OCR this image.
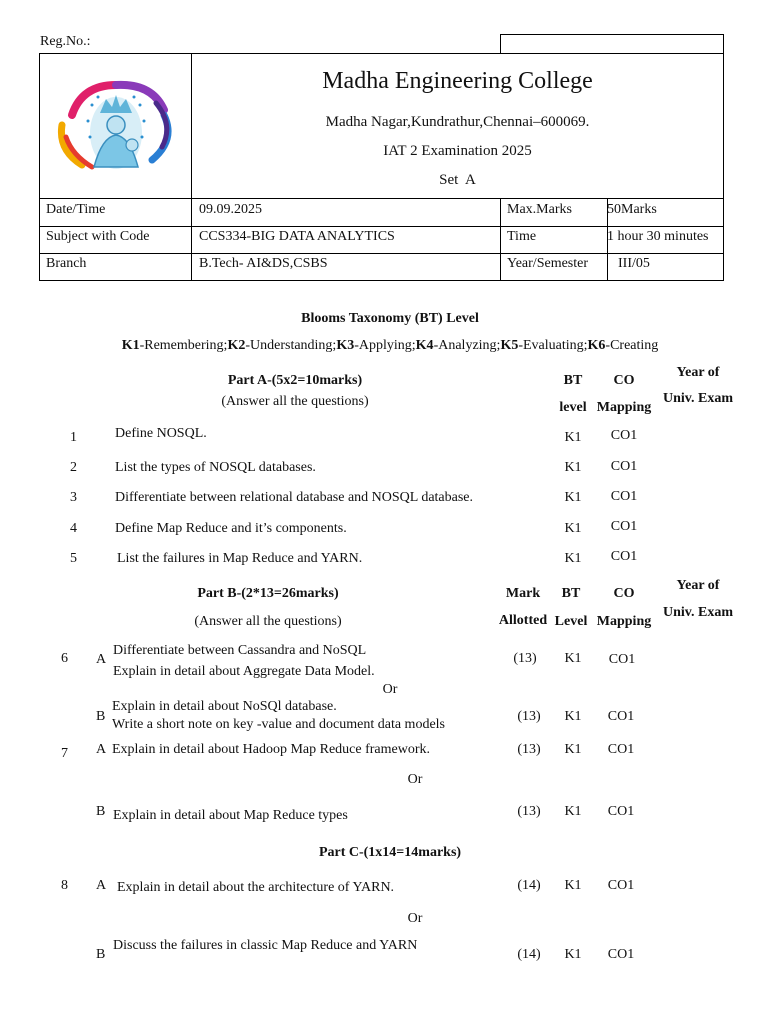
Reg.No.:
Madha Engineering College
Madha Nagar,Kundrathur,Chennai–600069.
IAT 2 Examination 2025
Set  A
Date/Time	09.09.2025	Max.Marks	50Marks
Subject with Code	CCS334-BIG DATA ANALYTICS	Time	1 hour 30 minutes
Branch	B.Tech- AI&DS,CSBS	Year/Semester III/05
Blooms Taxonomy (BT) Level
K1-Remembering;K2-Understanding;K3-Applying;K4-Analyzing;K5-Evaluating;K6-Creating
Part A-(5x2=10marks)
(Answer all the questions)
BT
level
CO
Mapping
Year of
Univ. Exam
1	Define NOSQL.	K1	CO1
2	List the types of NOSQL databases.	K1	CO1
3	Differentiate between relational database and NOSQL database.	K1	CO1
4	Define Map Reduce and it’s components.	K1	CO1
5	List the failures in Map Reduce and YARN.	K1	CO1
Part B-(2*13=26marks)
(Answer all the questions)
Mark
Allotted
BT
Level
CO
Mapping
Year of
Univ. Exam
6 A
Differentiate between Cassandra and NoSQL
Explain in detail about Aggregate Data Model.
(13)	K1	CO1
Or
B
Explain in detail about NoSQl database.
Write a short note on key -value and document data models
(13)	K1	CO1
7 A Explain in detail about Hadoop Map Reduce framework.	(13)	K1	CO1
Or
B Explain in detail about Map Reduce types	(13)	K1	CO1
Part C-(1x14=14marks)
8 A Explain in detail about the architecture of YARN.	(14)	K1	CO1
Or
B
Discuss the failures in classic Map Reduce and YARN
(14)	K1	CO1
